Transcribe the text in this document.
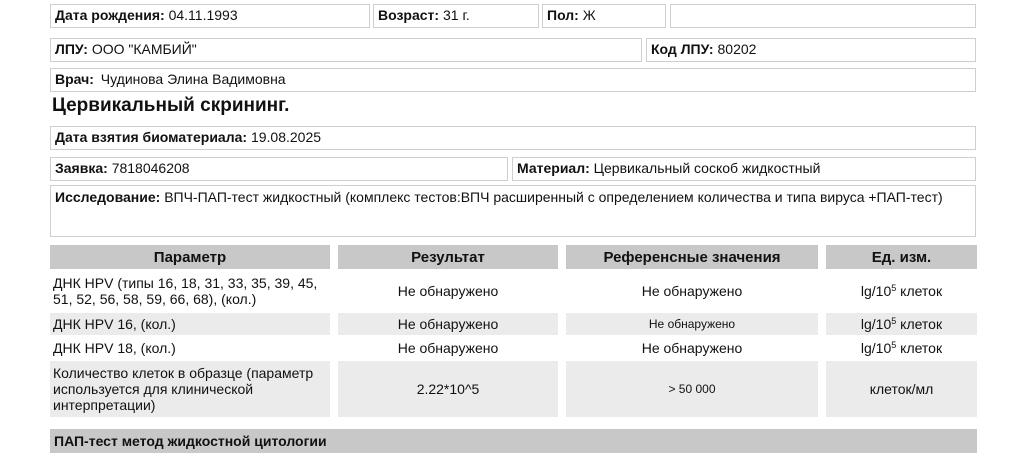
Дата рождения: 04.11.1993	Возраст: 31 г.	Пол: Ж
ЛПУ: ООО "КАМБИЙ"	Код ЛПУ: 80202
Врач: Чудинова Элина Вадимовна
Цервикальный скрининг.
Дата взятия биоматериала: 19.08.2025
Заявка: 7818046208	Материал: Цервикальный соскоб жидкостный
Исследование: ВПЧ-ПАП-тест жидкостный (комплекс тестов:ВПЧ расширенный с определением количества и типа вируса +ПАП-тест)
Параметр	Результат	Референсные значения	Ед. изм.
ДНК HPV (типы 16, 18, 31, 33, 35, 39, 45, 51, 52, 56, 58, 59, 66, 68), (кол.)	Не обнаружено	Не обнаружено	$\lg/10^5$ клеток
ДНК HPV 16, (кол.)	Не обнаружено	Не обнаружено	$\lg/10^5$ клеток
ДНК HPV 18, (кол.)	Не обнаружено	Не обнаружено	$\lg/10^5$ клеток
Количество клеток в образце (параметр используется для клинической интерпретации)	2.22*10^5	> 50 000	клеток/мл
ПАП-тест метод жидкостной цитологии
